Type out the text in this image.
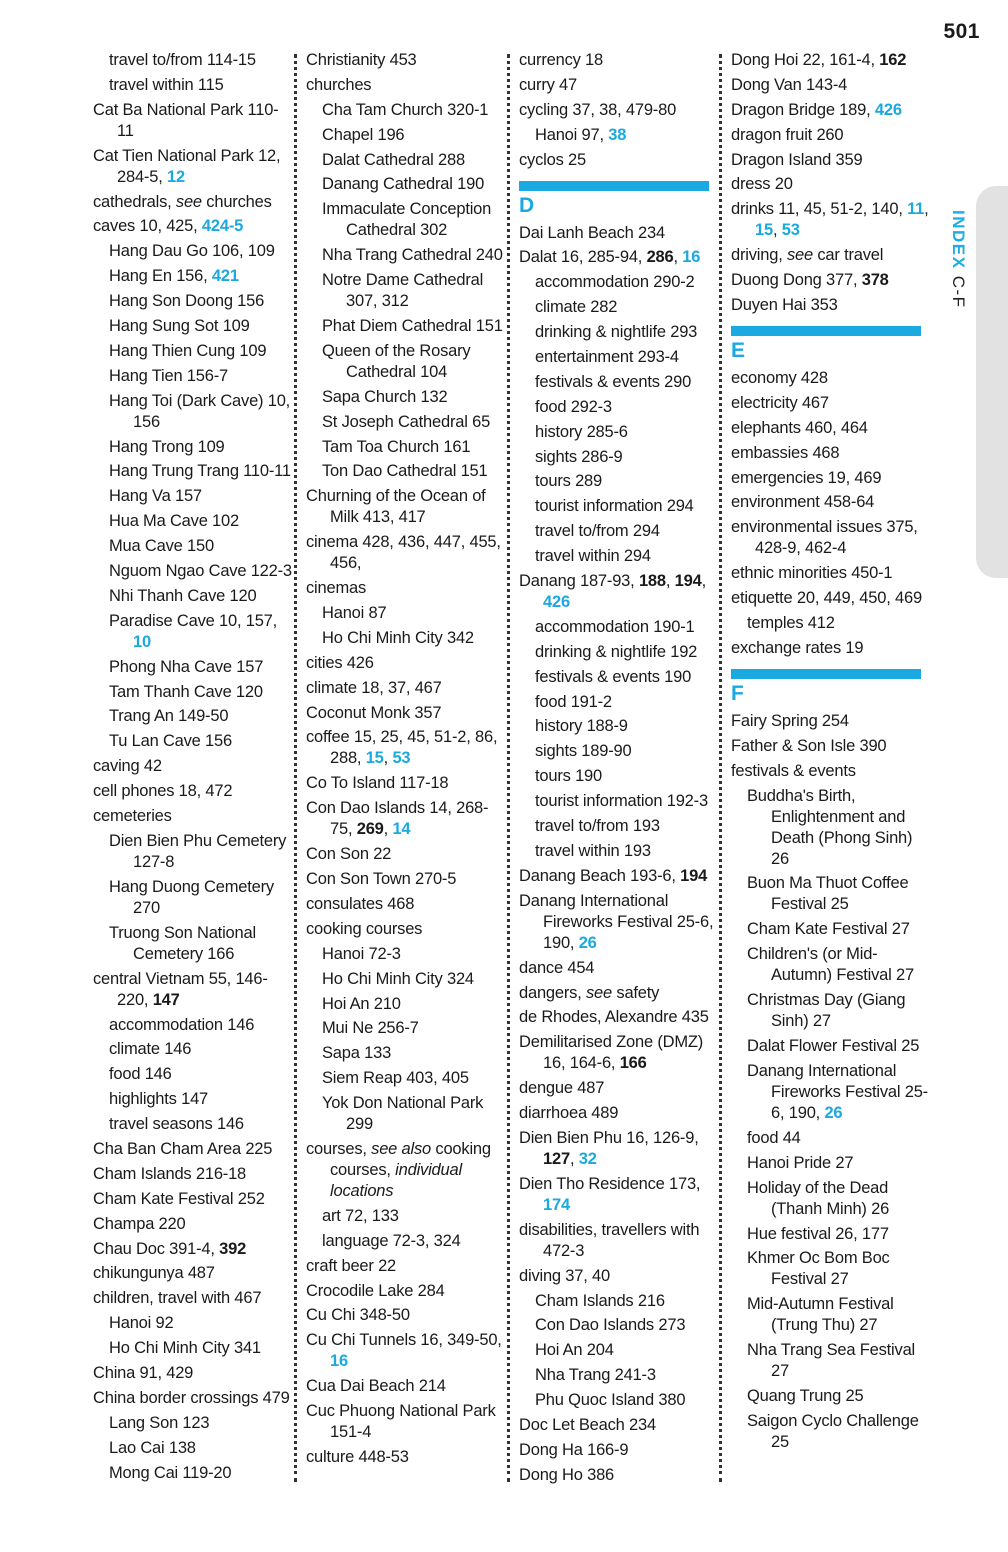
501
INDEX C-F
travel to/from 114-15
travel within 115
Cat Ba National Park 110-11
Cat Tien National Park 12, 284-5, 12
cathedrals, see churches
caves 10, 425, 424-5
Hang Dau Go 106, 109
Hang En 156, 421
Hang Son Doong 156
Hang Sung Sot 109
Hang Thien Cung 109
Hang Tien 156-7
Hang Toi (Dark Cave) 10, 156
Hang Trong 109
Hang Trung Trang 110-11
Hang Va 157
Hua Ma Cave 102
Mua Cave 150
Nguom Ngao Cave 122-3
Nhi Thanh Cave 120
Paradise Cave 10, 157, 10
Phong Nha Cave 157
Tam Thanh Cave 120
Trang An 149-50
Tu Lan Cave 156
caving 42
cell phones 18, 472
cemeteries
Dien Bien Phu Cemetery 127-8
Hang Duong Cemetery 270
Truong Son National Cemetery 166
central Vietnam 55, 146-220, 147
accommodation 146
climate 146
food 146
highlights 147
travel seasons 146
Cha Ban Cham Area 225
Cham Islands 216-18
Cham Kate Festival 252
Champa 220
Chau Doc 391-4, 392
chikungunya 487
children, travel with 467
Hanoi 92
Ho Chi Minh City 341
China 91, 429
China border crossings 479
Lang Son 123
Lao Cai 138
Mong Cai 119-20
Christianity 453
churches
Cha Tam Church 320-1
Chapel 196
Dalat Cathedral 288
Danang Cathedral 190
Immaculate Conception Cathedral 302
Nha Trang Cathedral 240
Notre Dame Cathedral 307, 312
Phat Diem Cathedral 151
Queen of the Rosary Cathedral 104
Sapa Church 132
St Joseph Cathedral 65
Tam Toa Church 161
Ton Dao Cathedral 151
Churning of the Ocean of Milk 413, 417
cinema 428, 436, 447, 455, 456,
cinemas
Hanoi 87
Ho Chi Minh City 342
cities 426
climate 18, 37, 467
Coconut Monk 357
coffee 15, 25, 45, 51-2, 86, 288, 15, 53
Co To Island 117-18
Con Dao Islands 14, 268-75, 269, 14
Con Son 22
Con Son Town 270-5
consulates 468
cooking courses
Hanoi 72-3
Ho Chi Minh City 324
Hoi An 210
Mui Ne 256-7
Sapa 133
Siem Reap 403, 405
Yok Don National Park 299
courses, see also cooking courses, individual locations
art 72, 133
language 72-3, 324
craft beer 22
Crocodile Lake 284
Cu Chi 348-50
Cu Chi Tunnels 16, 349-50, 16
Cua Dai Beach 214
Cuc Phuong National Park 151-4
culture 448-53
currency 18
curry 47
cycling 37, 38, 479-80
Hanoi 97, 38
cyclos 25
D
Dai Lanh Beach 234
Dalat 16, 285-94, 286, 16
accommodation 290-2
climate 282
drinking & nightlife 293
entertainment 293-4
festivals & events 290
food 292-3
history 285-6
sights 286-9
tours 289
tourist information 294
travel to/from 294
travel within 294
Danang 187-93, 188, 194, 426
accommodation 190-1
drinking & nightlife 192
festivals & events 190
food 191-2
history 188-9
sights 189-90
tours 190
tourist information 192-3
travel to/from 193
travel within 193
Danang Beach 193-6, 194
Danang International Fireworks Festival 25-6, 190, 26
dance 454
dangers, see safety
de Rhodes, Alexandre 435
Demilitarised Zone (DMZ) 16, 164-6, 166
dengue 487
diarrhoea 489
Dien Bien Phu 16, 126-9, 127, 32
Dien Tho Residence 173, 174
disabilities, travellers with 472-3
diving 37, 40
Cham Islands 216
Con Dao Islands 273
Hoi An 204
Nha Trang 241-3
Phu Quoc Island 380
Doc Let Beach 234
Dong Ha 166-9
Dong Ho 386
Dong Hoi 22, 161-4, 162
Dong Van 143-4
Dragon Bridge 189, 426
dragon fruit 260
Dragon Island 359
dress 20
drinks 11, 45, 51-2, 140, 11, 15, 53
driving, see car travel
Duong Dong 377, 378
Duyen Hai 353
E
economy 428
electricity 467
elephants 460, 464
embassies 468
emergencies 19, 469
environment 458-64
environmental issues 375, 428-9, 462-4
ethnic minorities 450-1
etiquette 20, 449, 450, 469
temples 412
exchange rates 19
F
Fairy Spring 254
Father & Son Isle 390
festivals & events
Buddha's Birth, Enlightenment and Death (Phong Sinh) 26
Buon Ma Thuot Coffee Festival 25
Cham Kate Festival 27
Children's (or Mid-Autumn) Festival 27
Christmas Day (Giang Sinh) 27
Dalat Flower Festival 25
Danang International Fireworks Festival 25-6, 190, 26
food 44
Hanoi Pride 27
Holiday of the Dead (Thanh Minh) 26
Hue festival 26, 177
Khmer Oc Bom Boc Festival 27
Mid-Autumn Festival (Trung Thu) 27
Nha Trang Sea Festival 27
Quang Trung 25
Saigon Cyclo Challenge 25
